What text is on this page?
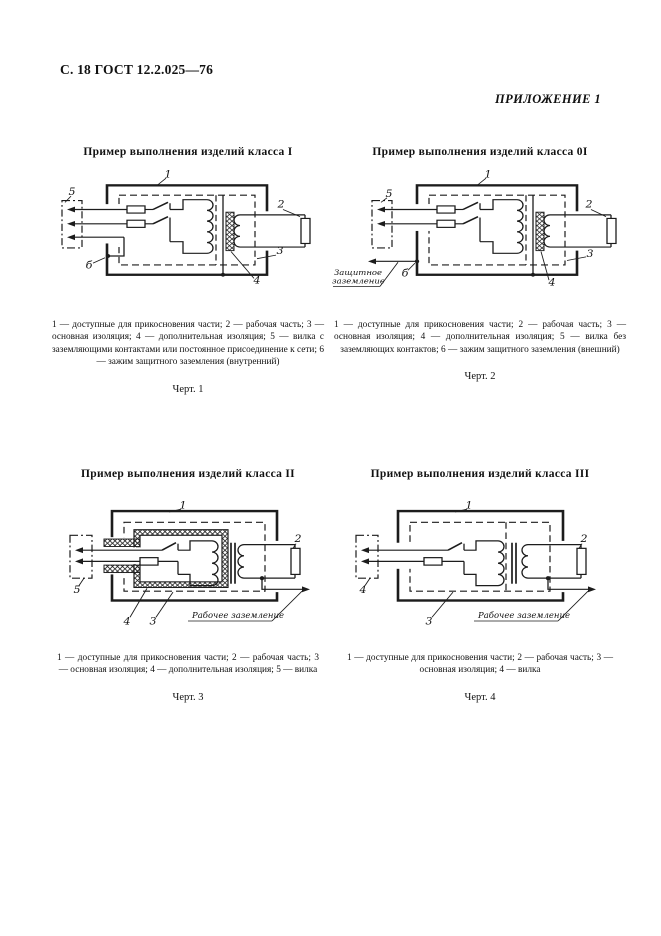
С. 18 ГОСТ 12.2.025—76
ПРИЛОЖЕНИЕ 1
Пример выполнения изделий класса I
1
5
2
3
4
б
1 — доступные для прикосновения части; 2 — рабочая часть; 3 — основная изоляция; 4 — дополнительная изоляция; 5 — вилка с заземляющими контактами или постоянное присоединение к сети; 6 — зажим защитного заземления (внутренний)
Черт. 1
Пример выполнения изделий класса 0I
Защитное
заземление
б
1
5
2
3
4
1 — доступные для прикосновения части; 2 — рабочая часть; 3 — основная изоляция; 4 — дополнительная изоляция; 5 — вилка без заземляющих контактов; 6 — зажим защитного заземления (внешний)
Черт. 2
Пример выполнения изделий класса II
Рабочее заземление
1
2
5
4 3
1 — доступные для прикосновения части; 2 — рабочая часть; 3 — основная изоляция; 4 — дополнительная изоляция; 5 — вилка
Черт. 3
Пример выполнения изделий класса III
Рабочее заземление
1
2
4
3
1 — доступные для прикосновения части; 2 — рабочая часть; 3 — основная изоляция; 4 — вилка
Черт. 4
